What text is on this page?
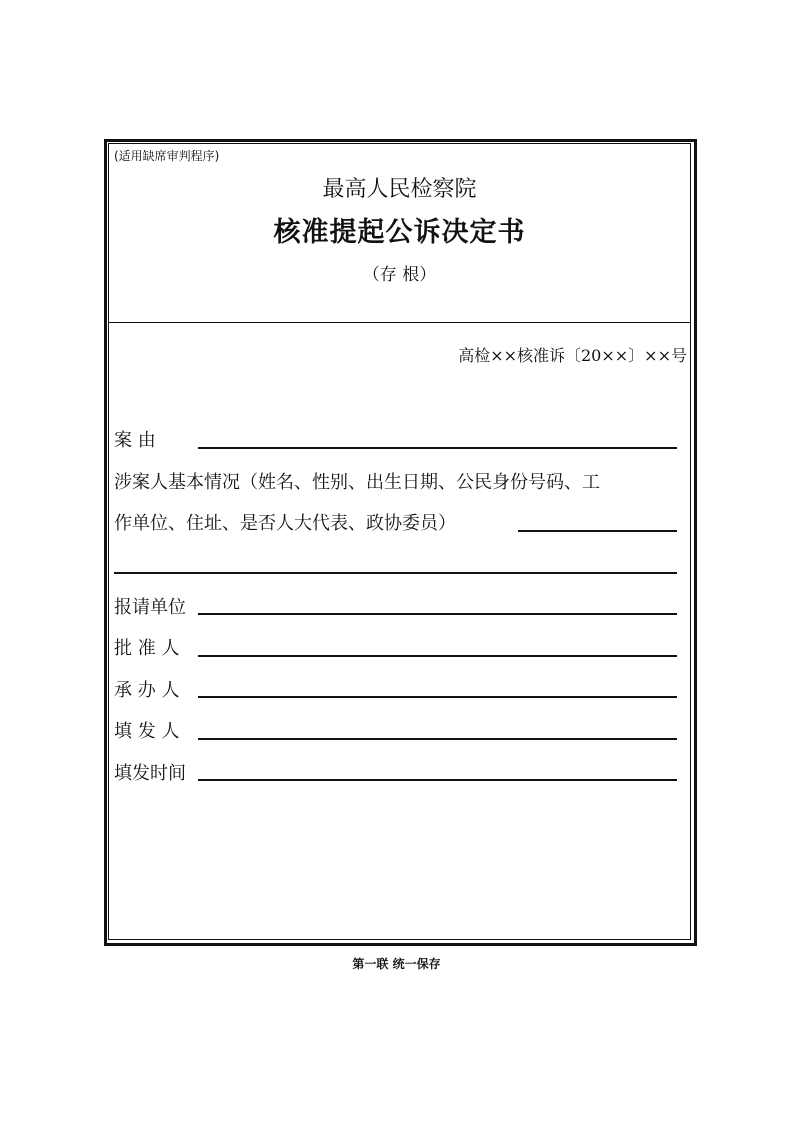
(适用缺席审判程序)
最高人民检察院
核准提起公诉决定书
（存 根）
高检××核准诉〔20××〕××号
案 由
涉案人基本情况（姓名、性别、出生日期、公民身份号码、工
作单位、住址、是否人大代表、政协委员）
报请单位
批 准 人
承 办 人
填 发 人
填发时间
第一联 统一保存
